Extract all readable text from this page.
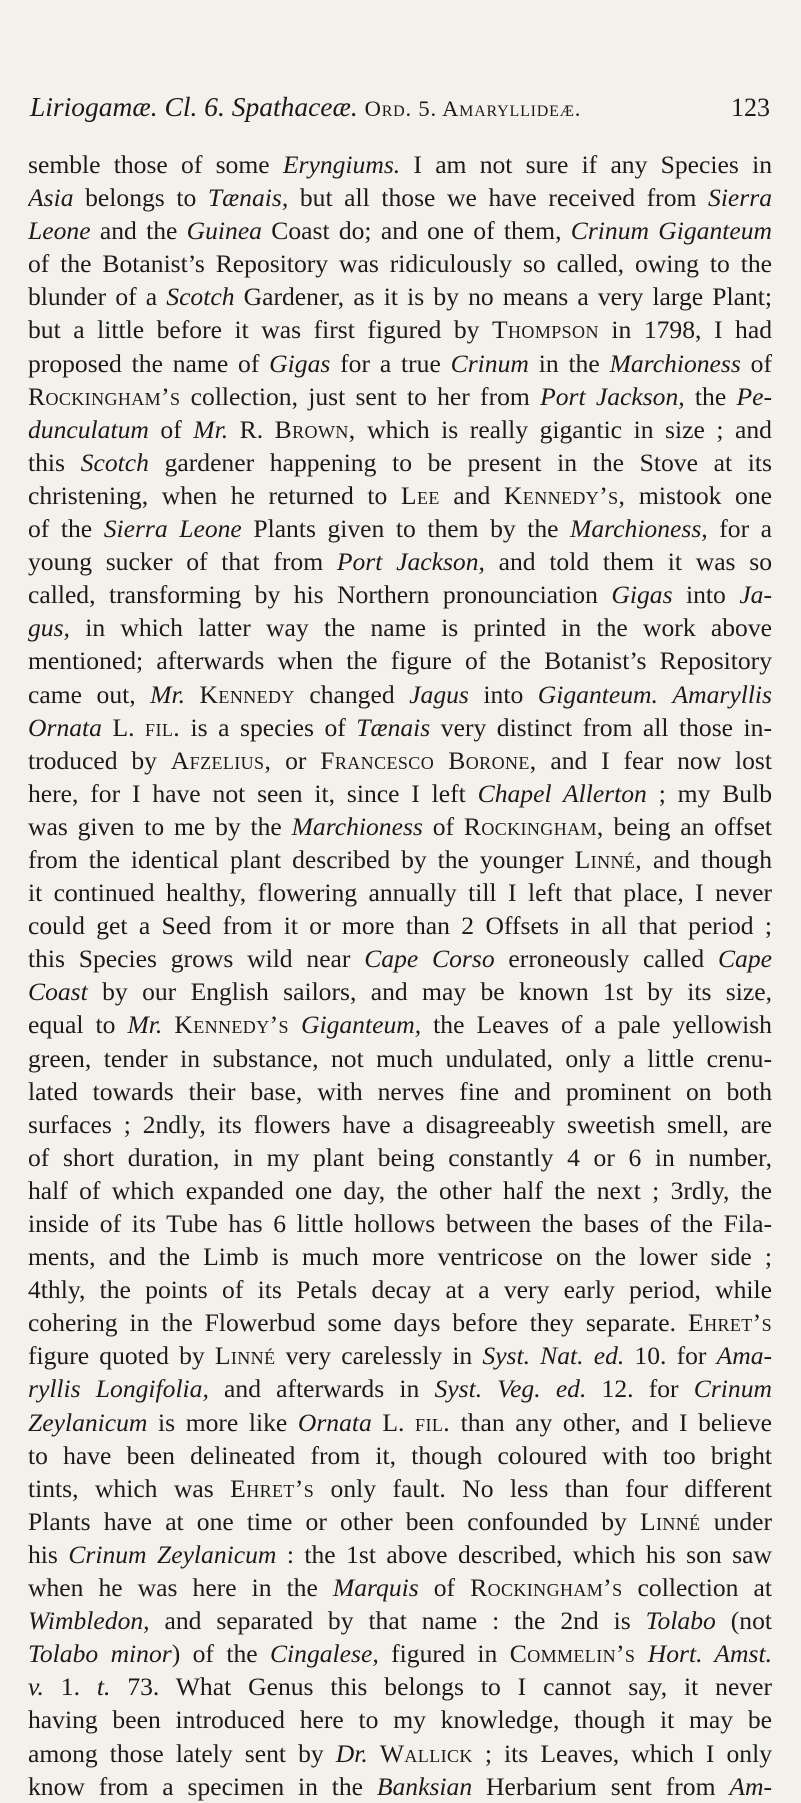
Liriogamæ. Cl. 6. Spathaceæ. Ord. 5. Amaryllideæ.	123
semble those of some Eryngiums. I am not sure if any Species in
Asia belongs to Tænais, but all those we have received from Sierra
Leone and the Guinea Coast do; and one of them, Crinum Giganteum
of the Botanist’s Repository was ridiculously so called, owing to the
blunder of a Scotch Gardener, as it is by no means a very large Plant;
but a little before it was first figured by Thompson in 1798, I had
proposed the name of Gigas for a true Crinum in the Marchioness of
Rockingham’s collection, just sent to her from Port Jackson, the Pe-
dunculatum of Mr. R. Brown, which is really gigantic in size ; and
this Scotch gardener happening to be present in the Stove at its
christening, when he returned to Lee and Kennedy’s, mistook one
of the Sierra Leone Plants given to them by the Marchioness, for a
young sucker of that from Port Jackson, and told them it was so
called, transforming by his Northern pronounciation Gigas into Ja-
gus, in which latter way the name is printed in the work above
mentioned; afterwards when the figure of the Botanist’s Repository
came out, Mr. Kennedy changed Jagus into Giganteum. Amaryllis
Ornata L. fil. is a species of Tænais very distinct from all those in-
troduced by Afzelius, or Francesco Borone, and I fear now lost
here, for I have not seen it, since I left Chapel Allerton ; my Bulb
was given to me by the Marchioness of Rockingham, being an offset
from the identical plant described by the younger Linné, and though
it continued healthy, flowering annually till I left that place, I never
could get a Seed from it or more than 2 Offsets in all that period ;
this Species grows wild near Cape Corso erroneously called Cape
Coast by our English sailors, and may be known 1st by its size,
equal to Mr. Kennedy’s Giganteum, the Leaves of a pale yellowish
green, tender in substance, not much undulated, only a little crenu-
lated towards their base, with nerves fine and prominent on both
surfaces ; 2ndly, its flowers have a disagreeably sweetish smell, are
of short duration, in my plant being constantly 4 or 6 in number,
half of which expanded one day, the other half the next ; 3rdly, the
inside of its Tube has 6 little hollows between the bases of the Fila-
ments, and the Limb is much more ventricose on the lower side ;
4thly, the points of its Petals decay at a very early period, while
cohering in the Flowerbud some days before they separate. Ehret’s
figure quoted by Linné very carelessly in Syst. Nat. ed. 10. for Ama-
ryllis Longifolia, and afterwards in Syst. Veg. ed. 12. for Crinum
Zeylanicum is more like Ornata L. fil. than any other, and I believe
to have been delineated from it, though coloured with too bright
tints, which was Ehret’s only fault. No less than four different
Plants have at one time or other been confounded by Linné under
his Crinum Zeylanicum : the 1st above described, which his son saw
when he was here in the Marquis of Rockingham’s collection at
Wimbledon, and separated by that name : the 2nd is Tolabo (not
Tolabo minor) of the Cingalese, figured in Commelin’s Hort. Amst.
v. 1. t. 73. What Genus this belongs to I cannot say, it never
having been introduced here to my knowledge, though it may be
among those lately sent by Dr. Wallick ; its Leaves, which I only
know from a specimen in the Banksian Herbarium sent from Am-
